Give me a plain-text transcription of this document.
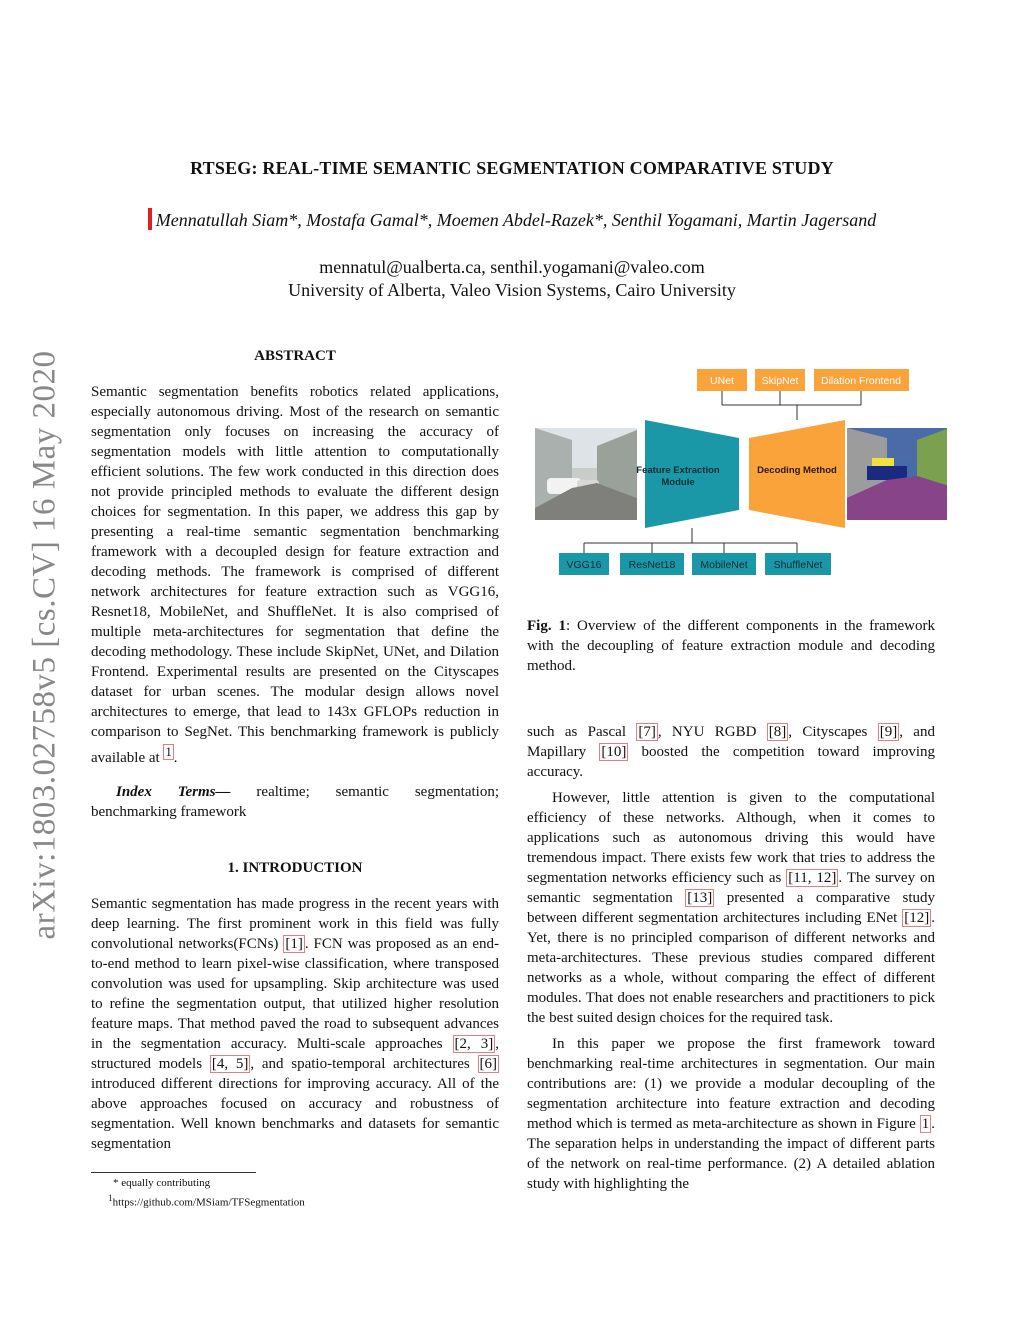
arXiv:1803.02758v5 [cs.CV] 16 May 2020
RTSEG: REAL-TIME SEMANTIC SEGMENTATION COMPARATIVE STUDY
Mennatullah Siam*, Mostafa Gamal*, Moemen Abdel-Razek*, Senthil Yogamani, Martin Jagersand
mennatul@ualberta.ca, senthil.yogamani@valeo.com
University of Alberta, Valeo Vision Systems, Cairo University
ABSTRACT

Semantic segmentation benefits robotics related applications, especially autonomous driving. Most of the research on semantic segmentation only focuses on increasing the accuracy of segmentation models with little attention to computationally efficient solutions. The few work conducted in this direction does not provide principled methods to evaluate the different design choices for segmentation. In this paper, we address this gap by presenting a real-time semantic segmentation benchmarking framework with a decoupled design for feature extraction and decoding methods. The framework is comprised of different network architectures for feature extraction such as VGG16, Resnet18, MobileNet, and ShuffleNet. It is also comprised of multiple meta-architectures for segmentation that define the decoding methodology. These include SkipNet, UNet, and Dilation Frontend. Experimental results are presented on the Cityscapes dataset for urban scenes. The modular design allows novel architectures to emerge, that lead to 143x GFLOPs reduction in comparison to SegNet. This benchmarking framework is publicly available at $^1$ .

Index Terms— realtime; semantic segmentation; benchmarking framework

1. INTRODUCTION

Semantic segmentation has made progress in the recent years with deep learning. The first prominent work in this field was fully convolutional networks(FCNs) [1] . FCN was proposed as an end-to-end method to learn pixel-wise classification, where transposed convolution was used for upsampling. Skip architecture was used to refine the segmentation output, that utilized higher resolution feature maps. That method paved the road to subsequent advances in the segmentation accuracy. Multi-scale approaches [2, 3] , structured models [4, 5] , and spatio-temporal architectures [6] introduced different directions for improving accuracy. All of the above approaches focused on accuracy and robustness of segmentation. Well known benchmarks and datasets for semantic segmentation

* equally contributing
$^1$https://github.com/MSiam/TFSegmentation
UNet	SkipNet Dilation Frontend
Feature Extraction
Module
Decoding Method
VGG16	ResNet18 MobileNet ShuffleNet
Fig. 1: Overview of the different components in the framework with the decoupling of feature extraction module and decoding method.

such as Pascal [7] , NYU RGBD [8] , Cityscapes [9] , and Mapillary [10] boosted the competition toward improving accuracy.

However, little attention is given to the computational efficiency of these networks. Although, when it comes to applications such as autonomous driving this would have tremendous impact. There exists few work that tries to address the segmentation networks efficiency such as [11, 12] . The survey on semantic segmentation [13] presented a comparative study between different segmentation architectures including ENet [12] . Yet, there is no principled comparison of different networks and meta-architectures. These previous studies compared different networks as a whole, without comparing the effect of different modules. That does not enable researchers and practitioners to pick the best suited design choices for the required task.

In this paper we propose the first framework toward benchmarking real-time architectures in segmentation. Our main contributions are: (1) we provide a modular decoupling of the segmentation architecture into feature extraction and decoding method which is termed as meta-architecture as shown in Figure 1 . The separation helps in understanding the impact of different parts of the network on real-time performance. (2) A detailed ablation study with highlighting the
